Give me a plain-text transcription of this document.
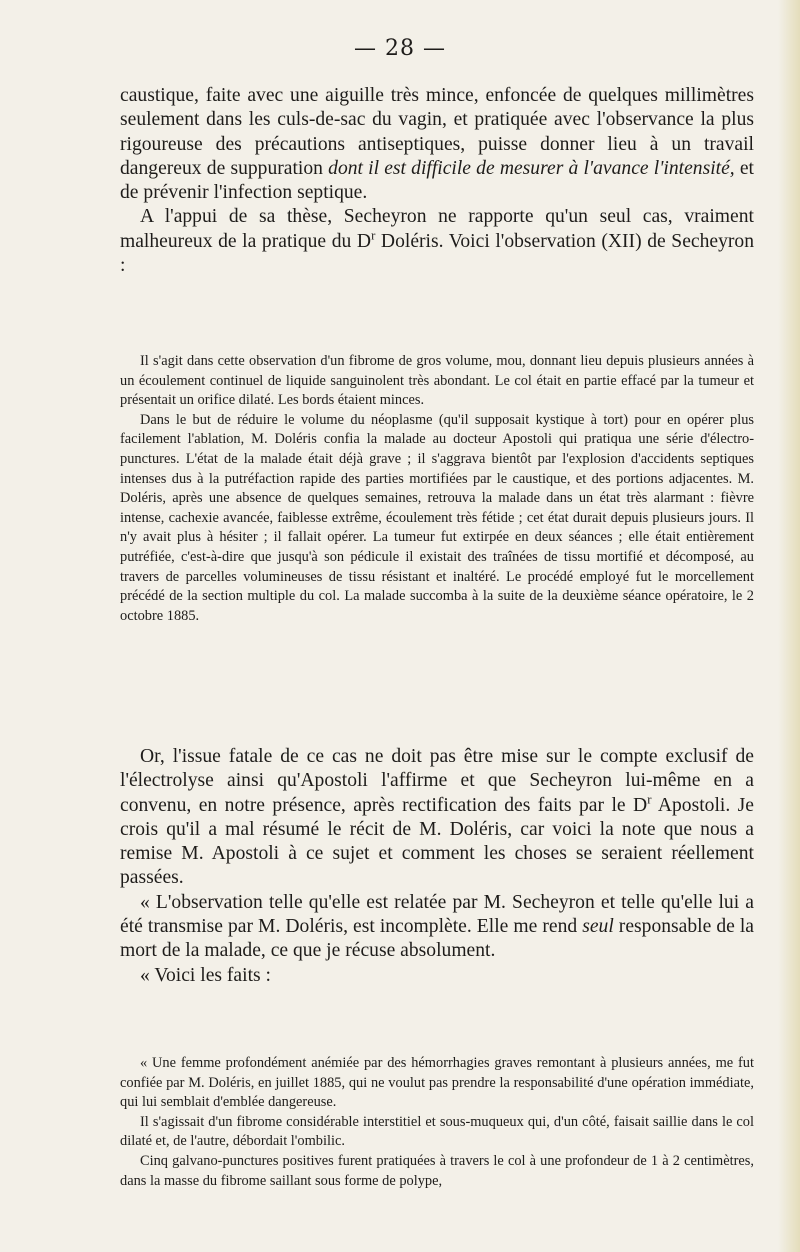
— 28 —

caustique, faite avec une aiguille très mince, enfoncée de quelques millimètres seulement dans les culs-de-sac du vagin, et pratiquée avec l'observance la plus rigoureuse des précautions antiseptiques, puisse donner lieu à un travail dangereux de suppuration dont il est difficile de mesurer à l'avance l'intensité, et de prévenir l'infection septique.

A l'appui de sa thèse, Secheyron ne rapporte qu'un seul cas, vraiment malheureux de la pratique du $D^r$ Doléris. Voici l'observation (XII) de Secheyron :

Il s'agit dans cette observation d'un fibrome de gros volume, mou, donnant lieu depuis plusieurs années à un écoulement continuel de liquide sanguinolent très abondant. Le col était en partie effacé par la tumeur et présentait un orifice dilaté. Les bords étaient minces.

Dans le but de réduire le volume du néoplasme (qu'il supposait kystique à tort) pour en opérer plus facilement l'ablation, M. Doléris confia la malade au docteur Apostoli qui pratiqua une série d'électro-punctures. L'état de la malade était déjà grave ; il s'aggrava bientôt par l'explosion d'accidents septiques intenses dus à la putréfaction rapide des parties mortifiées par le caustique, et des portions adjacentes. M. Doléris, après une absence de quelques semaines, retrouva la malade dans un état très alarmant : fièvre intense, cachexie avancée, faiblesse extrême, écoulement très fétide ; cet état durait depuis plusieurs jours. Il n'y avait plus à hésiter ; il fallait opérer. La tumeur fut extirpée en deux séances ; elle était entièrement putréfiée, c'est-à-dire que jusqu'à son pédicule il existait des traînées de tissu mortifié et décomposé, au travers de parcelles volumineuses de tissu résistant et inaltéré. Le procédé employé fut le morcellement précédé de la section multiple du col. La malade succomba à la suite de la deuxième séance opératoire, le 2 octobre 1885.

Or, l'issue fatale de ce cas ne doit pas être mise sur le compte exclusif de l'électrolyse ainsi qu'Apostoli l'affirme et que Secheyron lui-même en a convenu, en notre présence, après rectification des faits par le $D^r$ Apostoli. Je crois qu'il a mal résumé le récit de M. Doléris, car voici la note que nous a remise M. Apostoli à ce sujet et comment les choses se seraient réellement passées.

« L'observation telle qu'elle est relatée par M. Secheyron et telle qu'elle lui a été transmise par M. Doléris, est incomplète. Elle me rend seul responsable de la mort de la malade, ce que je récuse absolument.

« Voici les faits :

« Une femme profondément anémiée par des hémorrhagies graves remontant à plusieurs années, me fut confiée par M. Doléris, en juillet 1885, qui ne voulut pas prendre la responsabilité d'une opération immédiate, qui lui semblait d'emblée dangereuse.

Il s'agissait d'un fibrome considérable interstitiel et sous-muqueux qui, d'un côté, faisait saillie dans le col dilaté et, de l'autre, débordait l'ombilic.

Cinq galvano-punctures positives furent pratiquées à travers le col à une profondeur de 1 à 2 centimètres, dans la masse du fibrome saillant sous forme de polype,
